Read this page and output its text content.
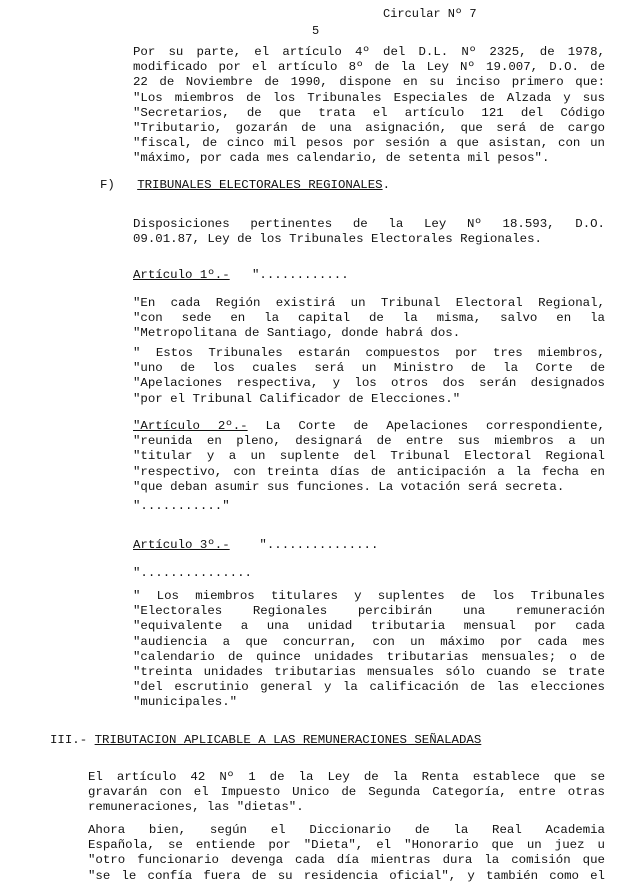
Circular Nº 7
5
Por su parte, el artículo 4º del D.L. Nº 2325, de 1978,
modificado por el artículo 8º de la Ley Nº 19.007, D.O. de
22 de Noviembre de 1990, dispone en su inciso primero que:
"Los miembros de los Tribunales Especiales de Alzada y sus
"Secretarios, de que trata el artículo 121 del Código
"Tributario, gozarán de una asignación, que será de cargo
"fiscal, de cinco mil pesos por sesión a que asistan, con un
"máximo, por cada mes calendario, de setenta mil pesos".
F) TRIBUNALES ELECTORALES REGIONALES.
Disposiciones pertinentes de la Ley Nº 18.593, D.O.
09.01.87, Ley de los Tribunales Electorales Regionales.
Artículo 1º.- "............
"En cada Región existirá un Tribunal Electoral Regional,
"con sede en la capital de la misma, salvo en la
"Metropolitana de Santiago, donde habrá dos.
" Estos Tribunales estarán compuestos por tres miembros,
"uno de los cuales será un Ministro de la Corte de
"Apelaciones respectiva, y los otros dos serán designados
"por el Tribunal Calificador de Elecciones."
"Artículo 2º.- La Corte de Apelaciones correspondiente,
"reunida en pleno, designará de entre sus miembros a un
"titular y a un suplente del Tribunal Electoral Regional
"respectivo, con treinta días de anticipación a la fecha en
"que deban asumir sus funciones. La votación será secreta.
"..........."
Artículo 3º.- "...............
"...............
" Los miembros titulares y suplentes de los Tribunales
"Electorales Regionales percibirán una remuneración
"equivalente a una unidad tributaria mensual por cada
"audiencia a que concurran, con un máximo por cada mes
"calendario de quince unidades tributarias mensuales; o de
"treinta unidades tributarias mensuales sólo cuando se trate
"del escrutinio general y la calificación de las elecciones
"municipales."
III.- TRIBUTACION APLICABLE A LAS REMUNERACIONES SEÑALADAS
El artículo 42 Nº 1 de la Ley de la Renta establece que se
gravarán con el Impuesto Unico de Segunda Categoría, entre otras
remuneraciones, las "dietas".
Ahora bien, según el Diccionario de la Real Academia
Española, se entiende por "Dieta", el "Honorario que un juez u
"otro funcionario devenga cada día mientras dura la comisión que
"se le confía fuera de su residencia oficial", y también como el
